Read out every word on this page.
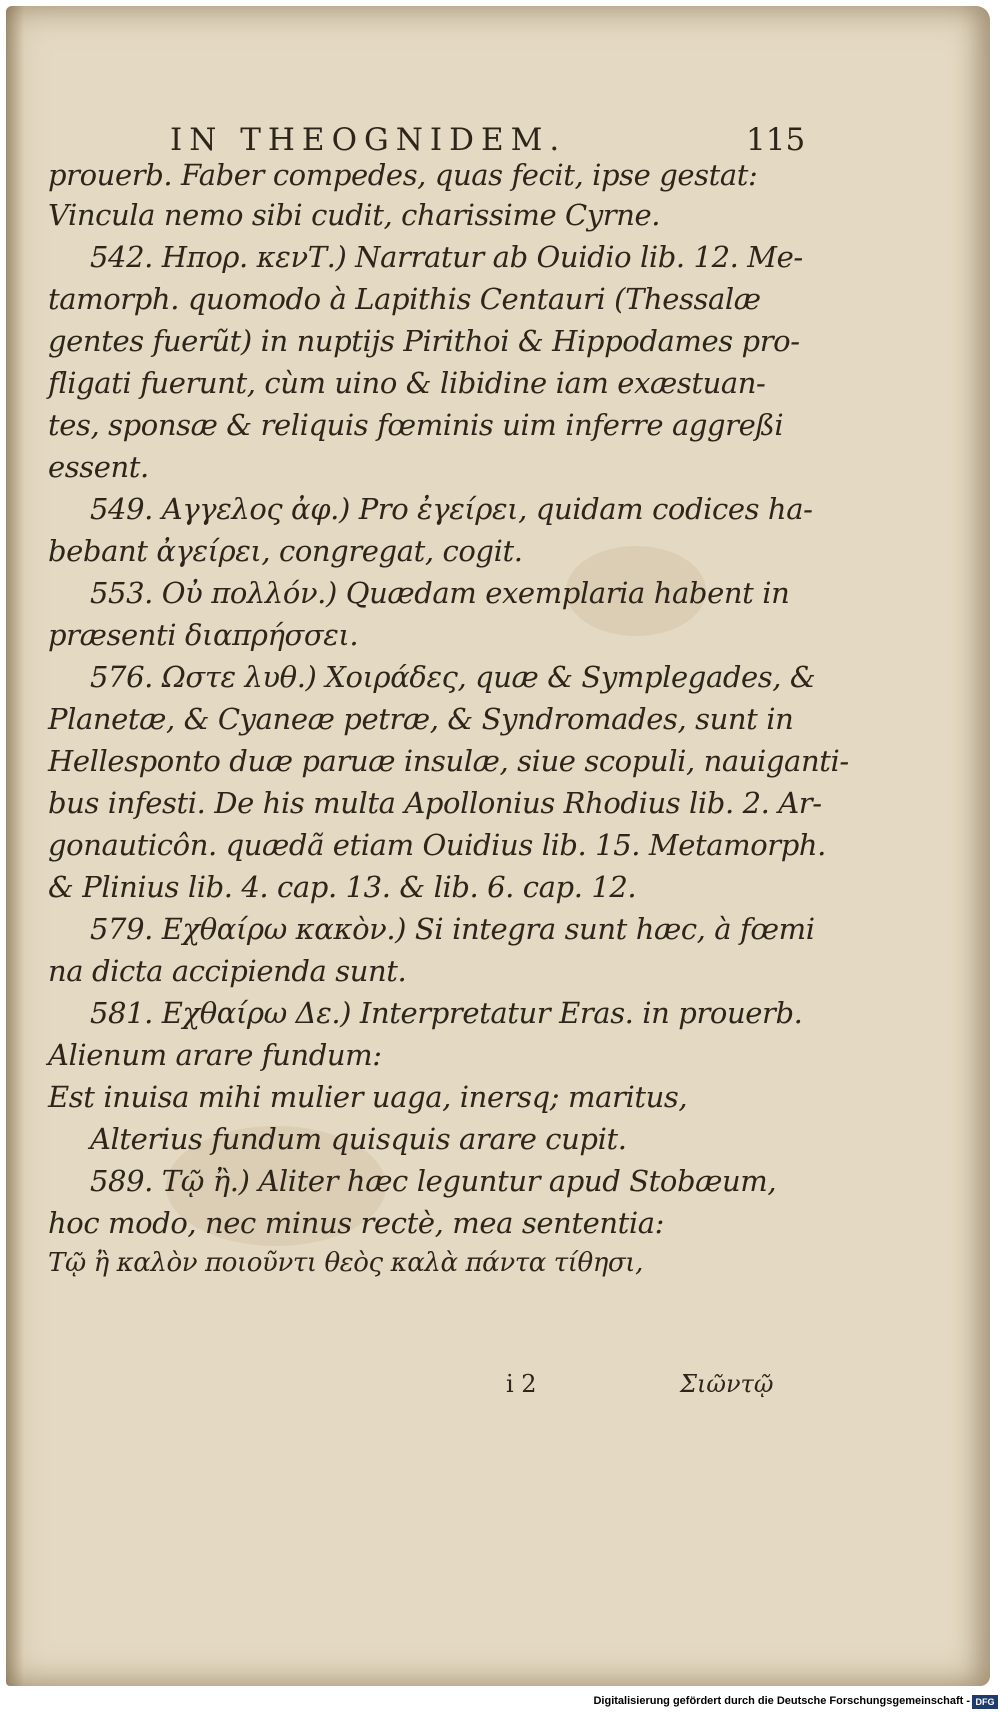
IN THEOGNIDEM.	115
prouerb. Faber compedes, quas fecit, ipse gestat:
Vincula nemo sibi cudit, charissime Cyrne.
542. Ηπορ. κενΤ.) Narratur ab Ouidio lib. 12. Me-
tamorph. quomodo à Lapithis Centauri (Thessalæ
gentes fuerũt) in nuptijs Pirithoi & Hippodames pro-
fligati fuerunt, cùm uino & libidine iam exæstuan-
tes, sponsæ & reliquis fœminis uim inferre aggreßi
essent.
549. Αγγελος ἀφ.) Pro ἐγείρει, quidam codices ha-
bebant ἀγείρει, congregat, cogit.
553. Οὐ πολλόν.) Quædam exemplaria habent in
præsenti διαπρήσσει.
576. Ωστε λυθ.) Χοιράδες, quæ & Symplegades, &
Planetæ, & Cyaneæ petræ, & Syndromades, sunt in
Hellesponto duæ paruæ insulæ, siue scopuli, nauiganti-
bus infesti. De his multa Apollonius Rhodius lib. 2. Ar-
gonauticôn. quædã etiam Ouidius lib. 15. Metamorph.
& Plinius lib. 4. cap. 13. & lib. 6. cap. 12.
579. Εχθαίρω κακὸν.) Si integra sunt hæc, à fœmi
na dicta accipienda sunt.
581. Εχθαίρω Δε.) Interpretatur Eras. in prouerb.
Alienum arare fundum:
Est inuisa mihi mulier uaga, inersq; maritus,
Alterius fundum quisquis arare cupit.
589. Τῷ ἢ.) Aliter hæc leguntur apud Stobæum,
hoc modo, nec minus rectè, mea sententia:
Τῷ ἢ καλὸν ποιοῦντι θεὸς καλὰ πάντα τίθησι,
i 2	Σιῶντῷ
Digitalisierung gefördert durch die Deutsche Forschungsgemeinschaft - DFG
